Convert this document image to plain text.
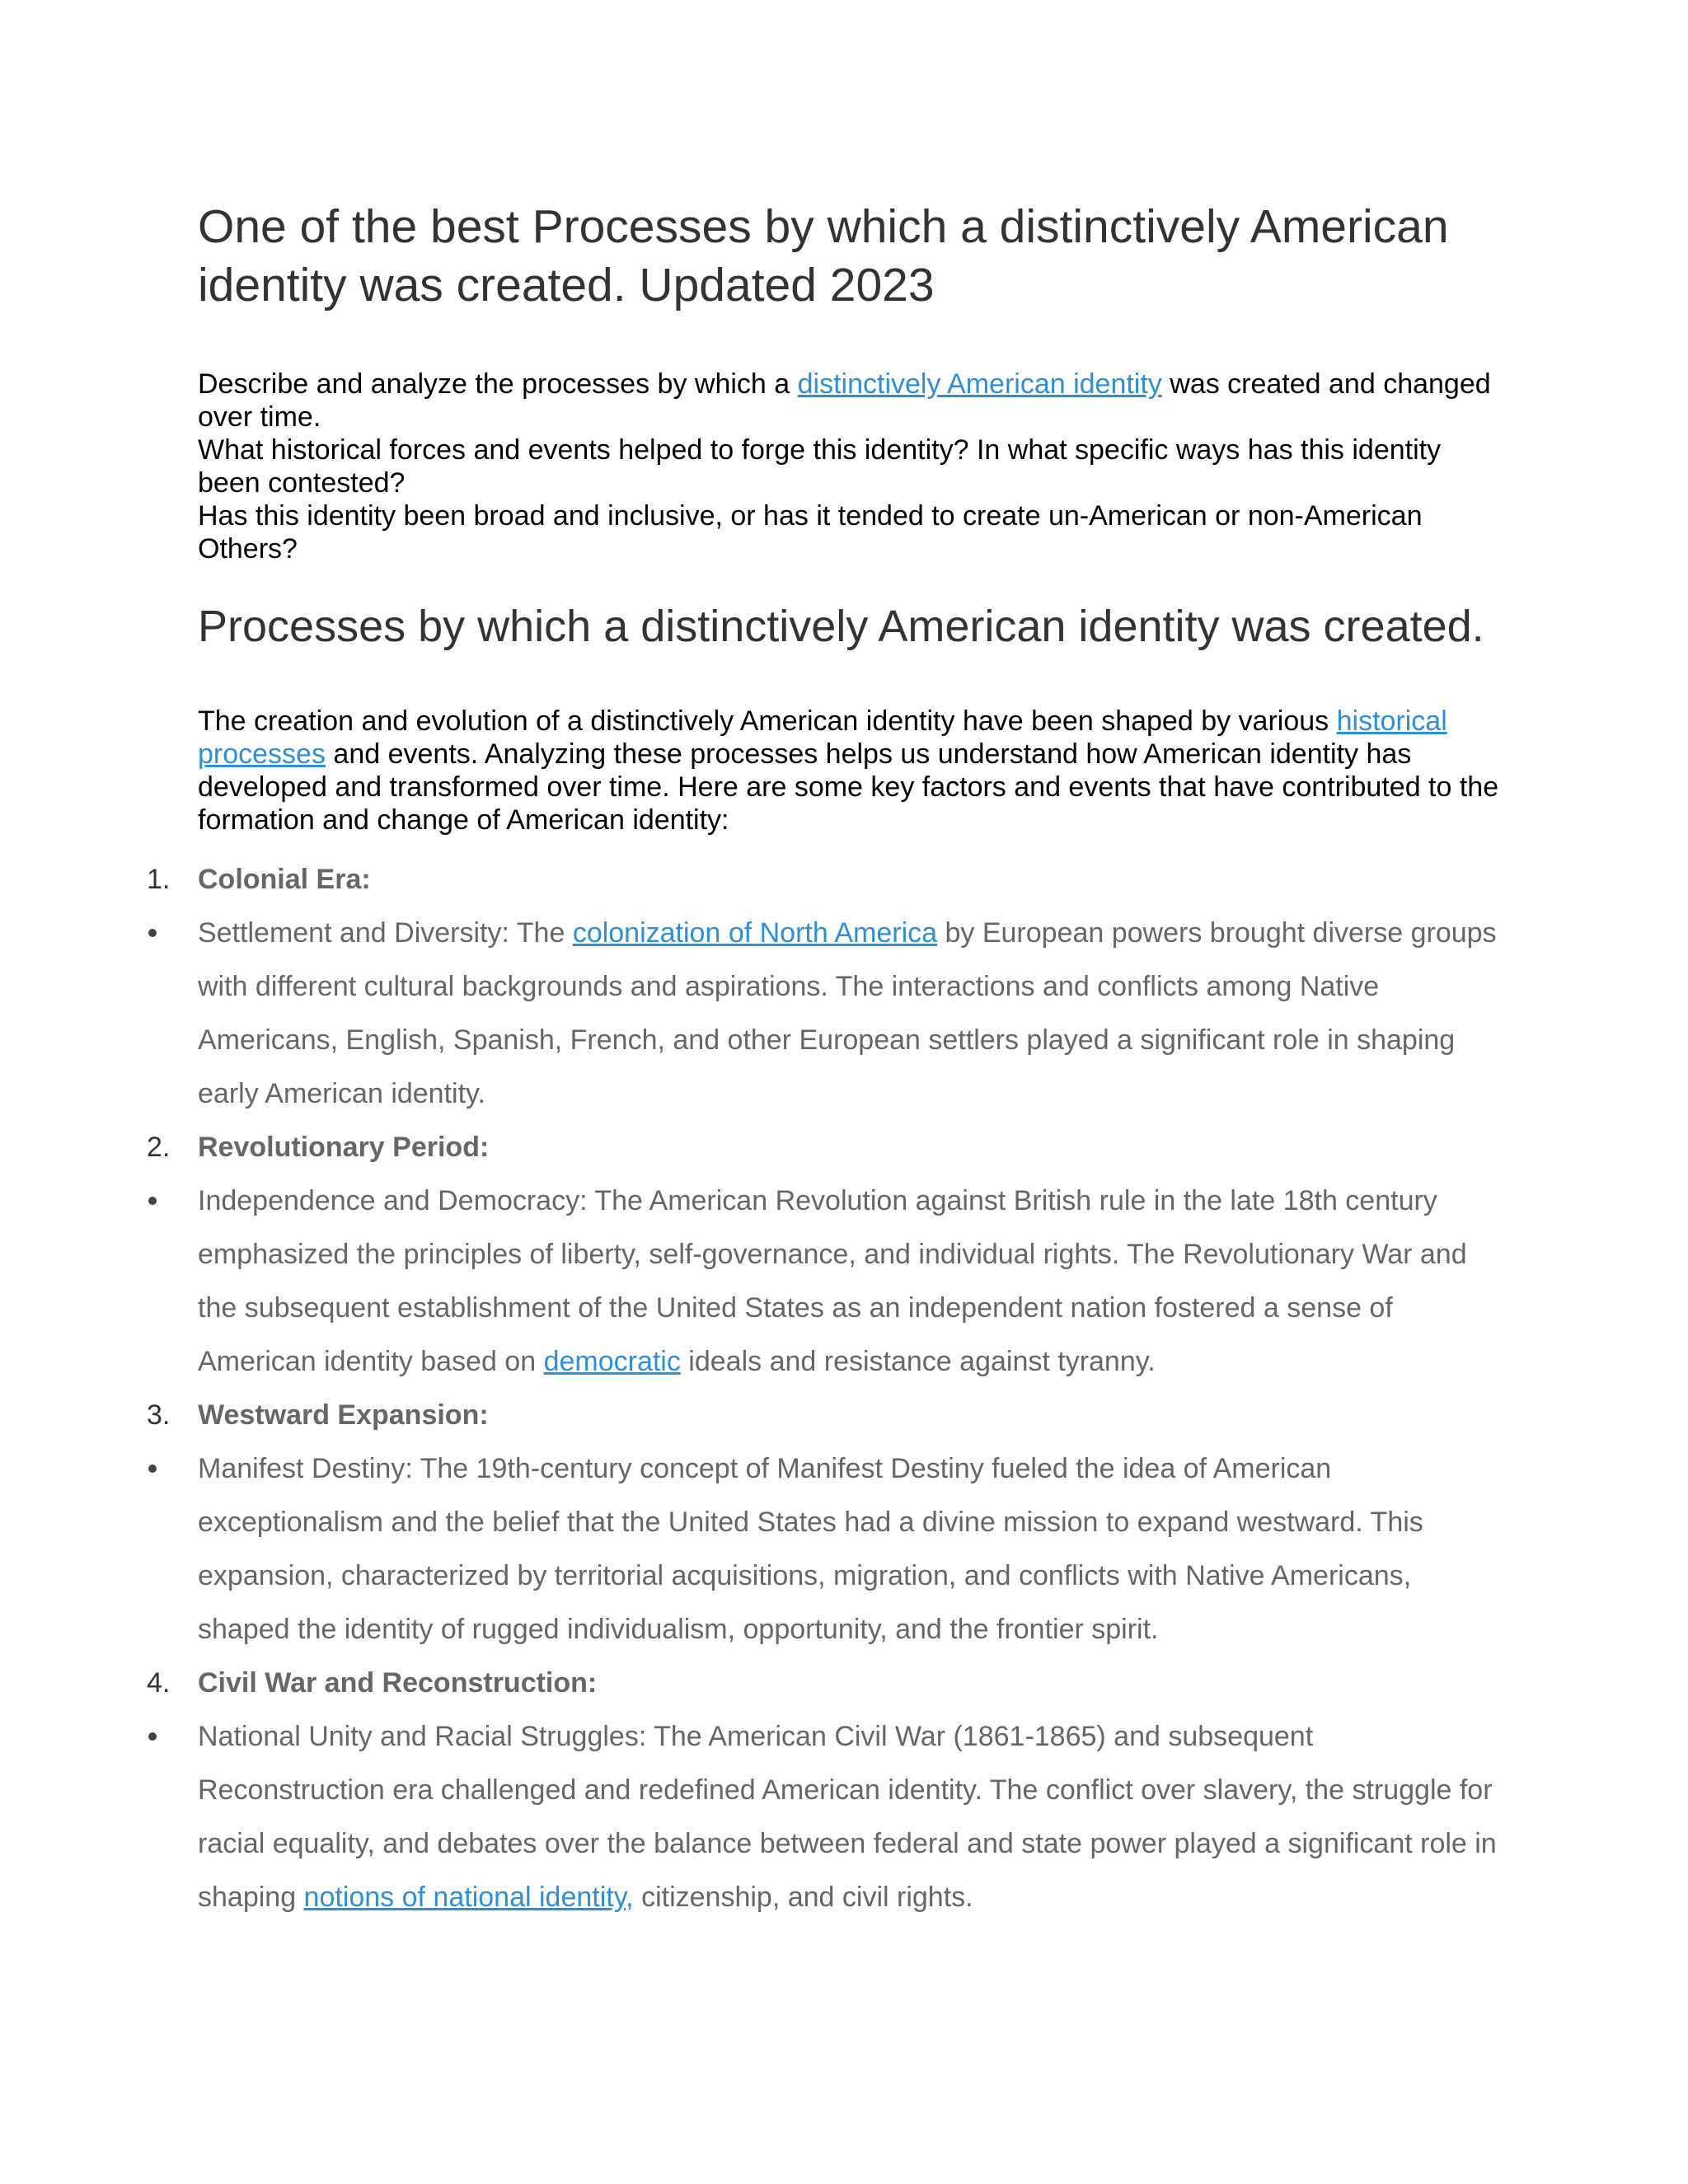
One of the best Processes by which a distinctively American identity was created. Updated 2023

Describe and analyze the processes by which a distinctively American identity was created and changed over time.

What historical forces and events helped to forge this identity? In what specific ways has this identity been contested?

Has this identity been broad and inclusive, or has it tended to create un-American or non-American Others?

Processes by which a distinctively American identity was created.

The creation and evolution of a distinctively American identity have been shaped by various historical processes and events. Analyzing these processes helps us understand how American identity has developed and transformed over time. Here are some key factors and events that have contributed to the formation and change of American identity:

1. Colonial Era:
Settlement and Diversity: The colonization of North America by European powers brought diverse groups with different cultural backgrounds and aspirations. The interactions and conflicts among Native Americans, English, Spanish, French, and other European settlers played a significant role in shaping early American identity.
2. Revolutionary Period:
Independence and Democracy: The American Revolution against British rule in the late 18th century emphasized the principles of liberty, self-governance, and individual rights. The Revolutionary War and the subsequent establishment of the United States as an independent nation fostered a sense of American identity based on democratic ideals and resistance against tyranny.
3. Westward Expansion:
Manifest Destiny: The 19th-century concept of Manifest Destiny fueled the idea of American exceptionalism and the belief that the United States had a divine mission to expand westward. This expansion, characterized by territorial acquisitions, migration, and conflicts with Native Americans, shaped the identity of rugged individualism, opportunity, and the frontier spirit.
4. Civil War and Reconstruction:
National Unity and Racial Struggles: The American Civil War (1861-1865) and subsequent Reconstruction era challenged and redefined American identity. The conflict over slavery, the struggle for racial equality, and debates over the balance between federal and state power played a significant role in shaping notions of national identity, citizenship, and civil rights.
